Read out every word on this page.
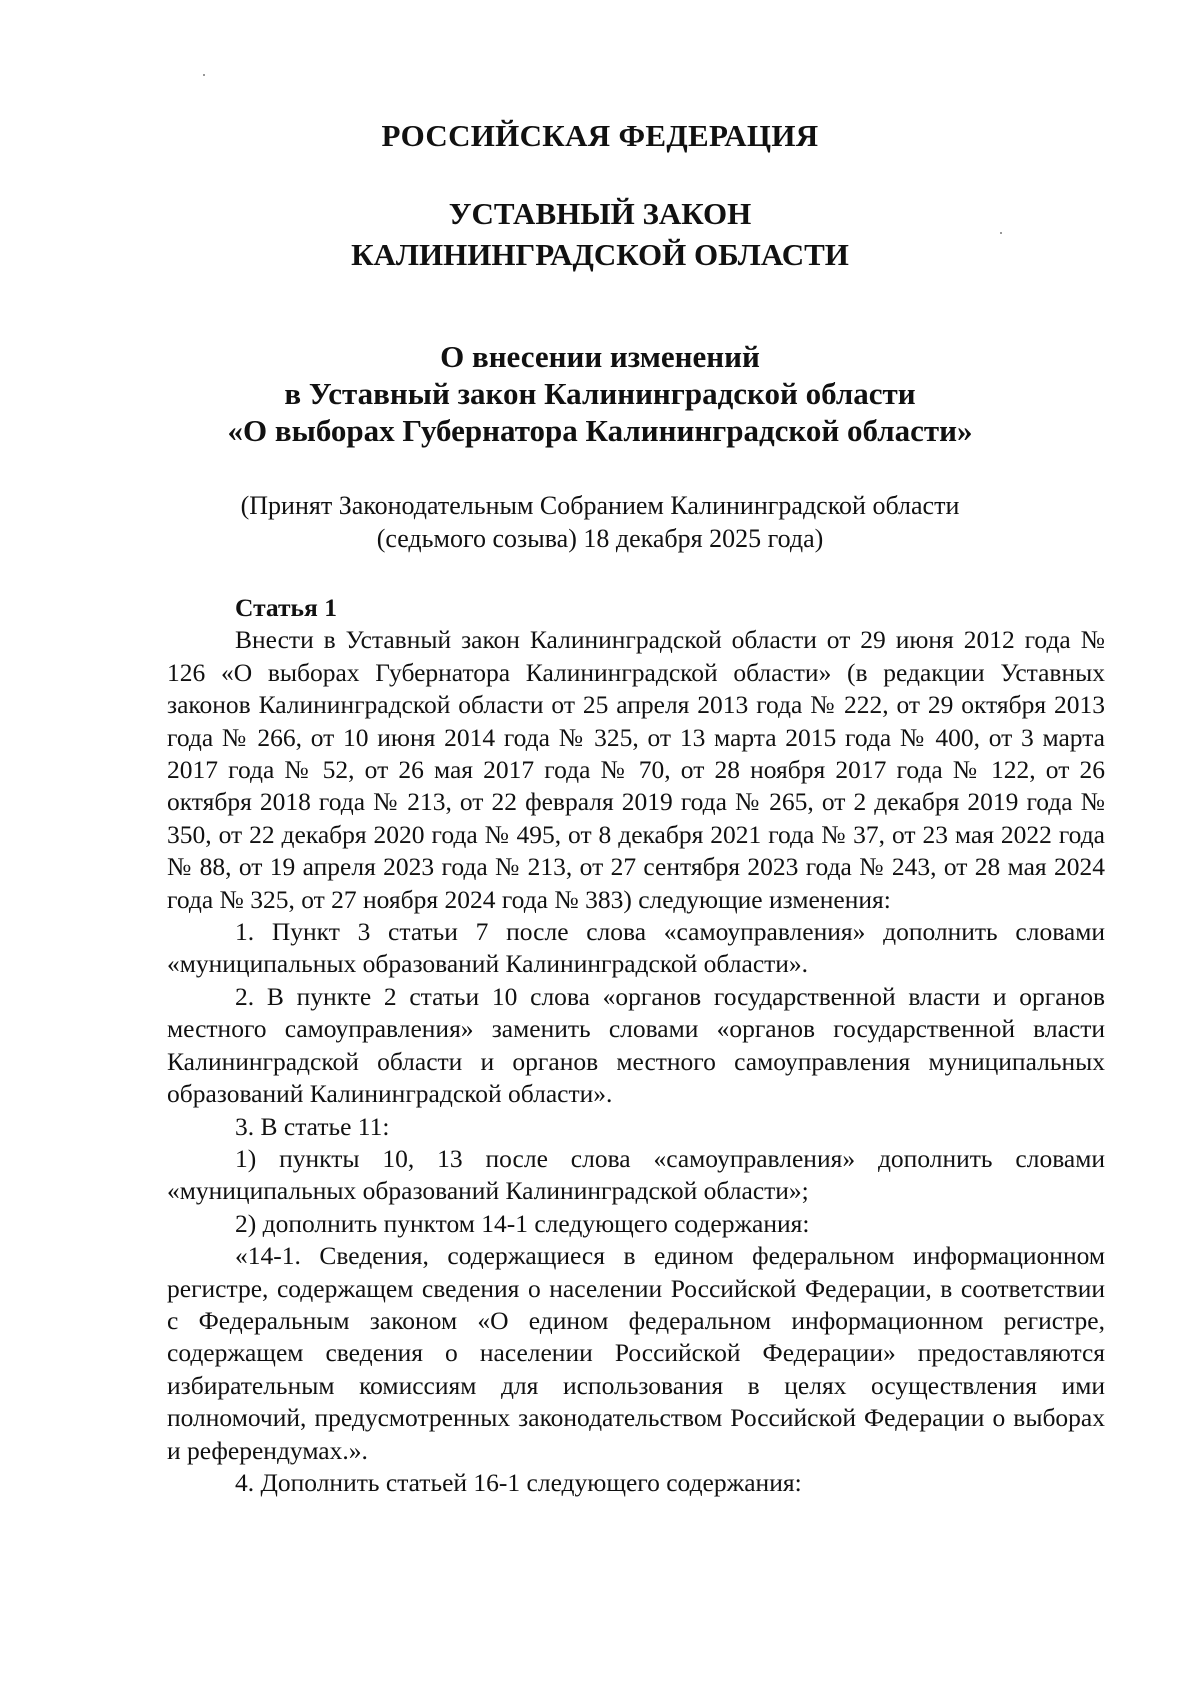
РОССИЙСКАЯ ФЕДЕРАЦИЯ
УСТАВНЫЙ ЗАКОН
КАЛИНИНГРАДСКОЙ ОБЛАСТИ
О внесении изменений
в Уставный закон Калининградской области
«О выборах Губернатора Калининградской области»
(Принят Законодательным Собранием Калининградской области
(седьмого созыва) 18 декабря 2025 года)
Статья 1

Внести в Уставный закон Калининградской области от 29 июня 2012 года № 126 «О выборах Губернатора Калининградской области» (в редакции Уставных законов Калининградской области от 25 апреля 2013 года № 222, от 29 октября 2013 года № 266, от 10 июня 2014 года № 325, от 13 марта 2015 года № 400, от 3 марта 2017 года № 52, от 26 мая 2017 года № 70, от 28 ноября 2017 года № 122, от 26 октября 2018 года № 213, от 22 февраля 2019 года № 265, от 2 декабря 2019 года № 350, от 22 декабря 2020 года № 495, от 8 декабря 2021 года № 37, от 23 мая 2022 года № 88, от 19 апреля 2023 года № 213, от 27 сентября 2023 года № 243, от 28 мая 2024 года № 325, от 27 ноября 2024 года № 383) следующие изменения:

1. Пункт 3 статьи 7 после слова «самоуправления» дополнить словами «муниципальных образований Калининградской области».

2. В пункте 2 статьи 10 слова «органов государственной власти и органов местного самоуправления» заменить словами «органов государственной власти Калининградской области и органов местного самоуправления муниципальных образований Калининградской области».

3. В статье 11:

1) пункты 10, 13 после слова «самоуправления» дополнить словами «муниципальных образований Калининградской области»;

2) дополнить пунктом 14-1 следующего содержания:

«14-1. Сведения, содержащиеся в едином федеральном информационном регистре, содержащем сведения о населении Российской Федерации, в соответствии с Федеральным законом «О едином федеральном информационном регистре, содержащем сведения о населении Российской Федерации» предоставляются избирательным комиссиям для использования в целях осуществления ими полномочий, предусмотренных законодательством Российской Федерации о выборах и референдумах.».

4. Дополнить статьей 16-1 следующего содержания:
